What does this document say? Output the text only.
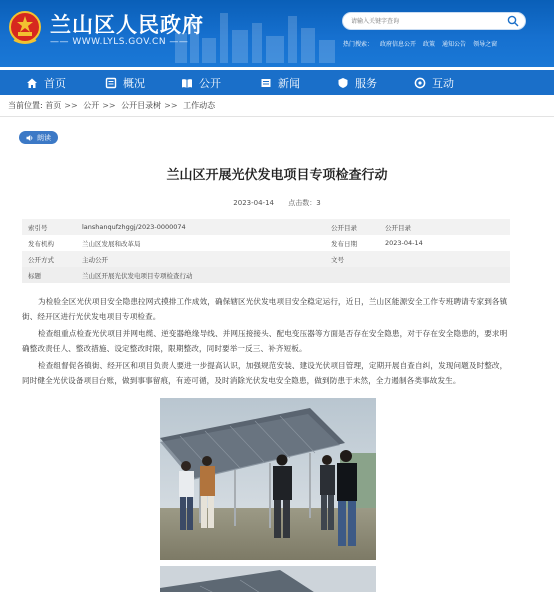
兰山区人民政府
—— WWW.LYLS.GOV.CN ——
请输入关键字查询	热门搜索： 政府信息公开 政策 通知公告 领导之窗
首页	概况	公开	新闻	服务	互动
当前位置: 首页 >> 公开 >> 公开目录树 >> 工作动态
朗读
兰山区开展光伏发电项目专项检查行动
2023-04-14 点击数：3
索引号	lanshanqufzhggj/2023-0000074	公开目录	公开目录
发布机构	兰山区发展和改革局	发布日期	2023-04-14
公开方式	主动公开	文号
标题	兰山区开展光伏发电项目专项检查行动

为检验全区光伏项目安全隐患拉网式摸排工作成效，确保辖区光伏发电项目安全稳定运行，近日，兰山区能源安全工作专班聘请专家到各镇街、经开区进行光伏发电项目专项检查。

检查组重点检查光伏项目并网电缆、逆变器绝缘导线、并网压接接头、配电变压器等方面是否存在安全隐患，对于存在安全隐患的，要求明确整改责任人、整改措施、设定整改时限，限期整改，同时要举一反三、补齐短板。

检查组督促各镇街、经开区和项目负责人要进一步提高认识，加强规范安装、建设光伏项目管理，定期开展自查自纠，发现问题及时整改，同时健全光伏设备项目台账，做到事事留痕，有迹可循，及时消除光伏发电安全隐患，做到防患于未然，全力遏制各类事故发生。
